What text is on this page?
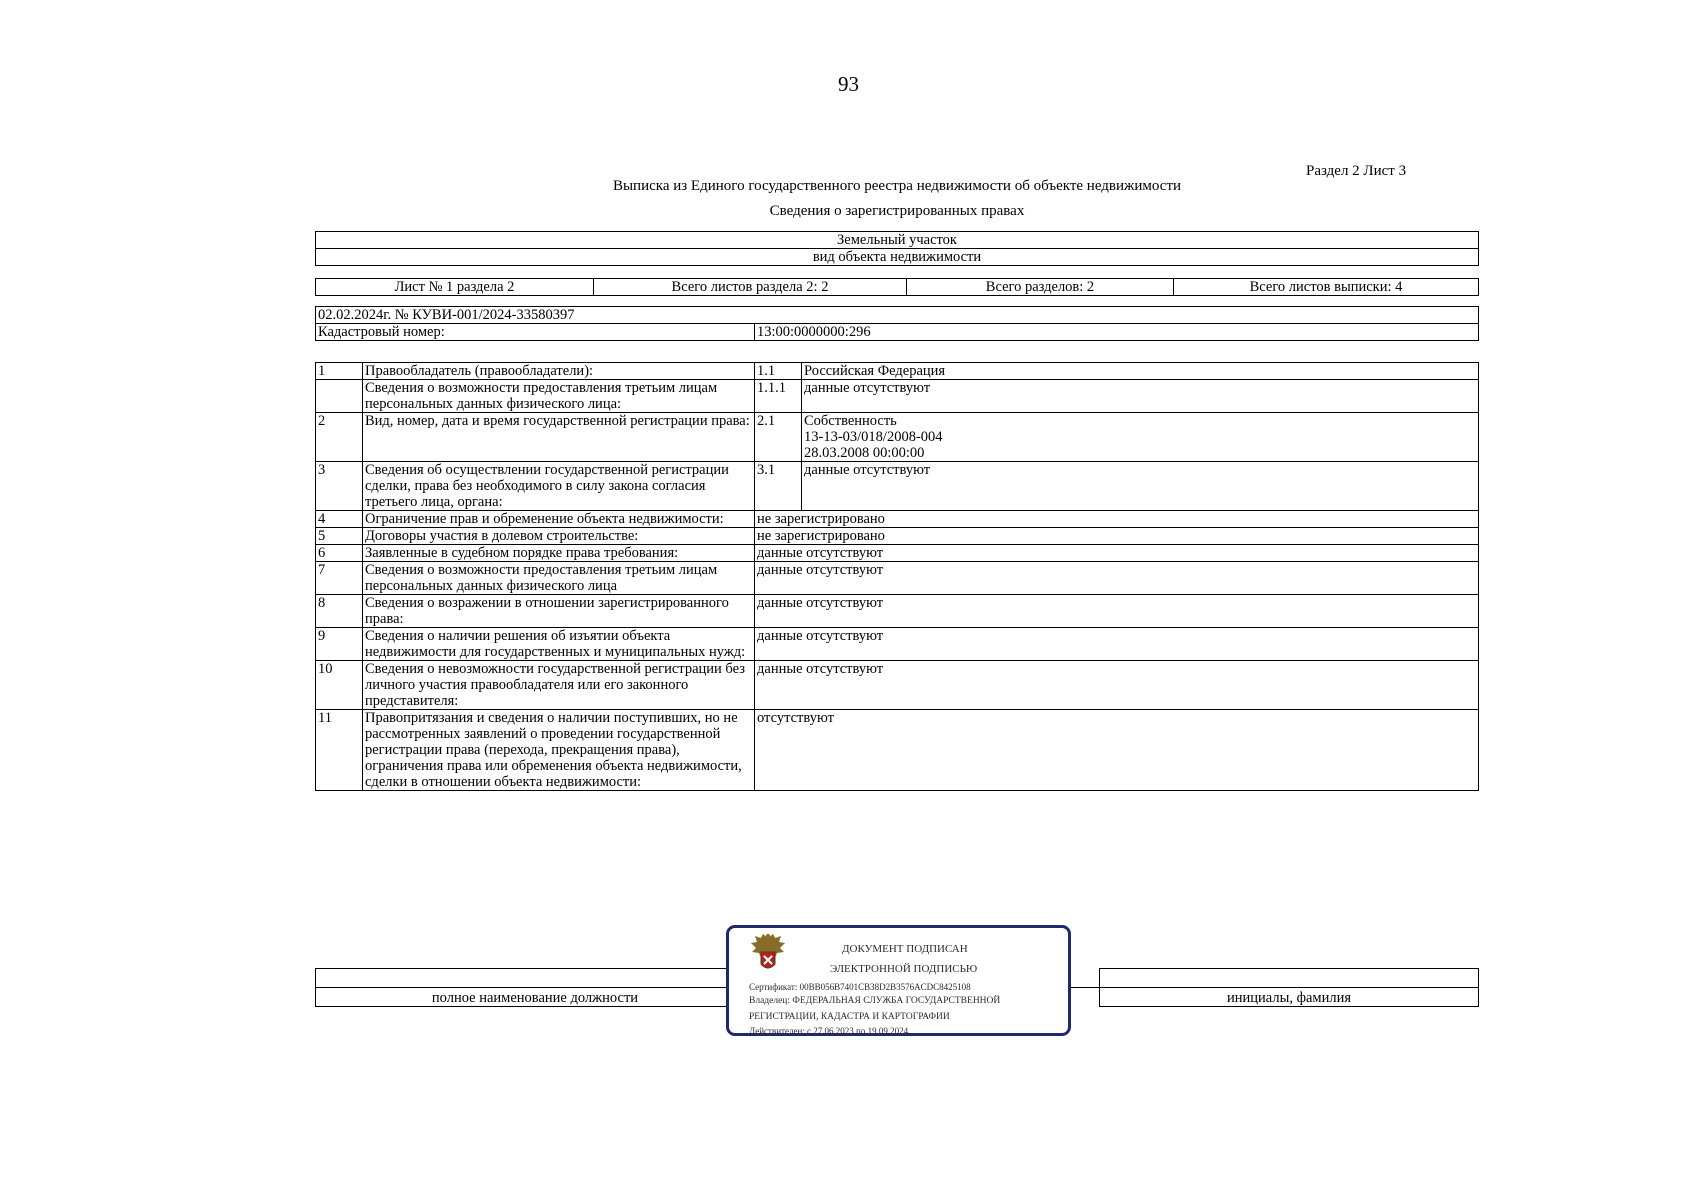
93
Раздел 2 Лист 3
Выписка из Единого государственного реестра недвижимости об объекте недвижимости
Сведения о зарегистрированных правах
Земельный участок
вид объекта недвижимости
Лист № 1 раздела 2	Всего листов раздела 2: 2	Всего разделов: 2	Всего листов выписки: 4
02.02.2024г. № КУВИ-001/2024-33580397
Кадастровый номер:	13:00:0000000:296
1	Правообладатель (правообладатели):	1.1	Российская Федерация
	Сведения о возможности предоставления третьим лицам персональных данных физического лица:	1.1.1	данные отсутствуют
2	Вид, номер, дата и время государственной регистрации права:	2.1	Собственность
13-13-03/018/2008-004
28.03.2008 00:00:00

3	Сведения об осуществлении государственной регистрации сделки, права без необходимого в силу закона согласия третьего лица, органа:	3.1	данные отсутствуют
4	Ограничение прав и обременение объекта недвижимости:	не зарегистрировано	
5	Договоры участия в долевом строительстве:	не зарегистрировано	
6	Заявленные в судебном порядке права требования:	данные отсутствуют	
7	Сведения о возможности предоставления третьим лицам персональных данных физического лица	данные отсутствуют	
8	Сведения о возражении в отношении зарегистрированного права:	данные отсутствуют	
9	Сведения о наличии решения об изъятии объекта недвижимости для государственных и муниципальных нужд:	данные отсутствуют	
10	Сведения о невозможности государственной регистрации без личного участия правообладателя или его законного представителя:	данные отсутствуют	
11	Правопритязания и сведения о наличии поступивших, но не рассмотренных заявлений о проведении государственной регистрации права (перехода, прекращения права), ограничения права или обременения объекта недвижимости, сделки в отношении объекта недвижимости:	отсутствуют	

полное наименование должности		инициалы, фамилия
ДОКУМЕНТ ПОДПИСАН
ЭЛЕКТРОННОЙ ПОДПИСЬЮ
Сертификат: 00BB056B7401CB38D2B3576ACDC8425108
Владелец: ФЕДЕРАЛЬНАЯ СЛУЖБА ГОСУДАРСТВЕННОЙ
РЕГИСТРАЦИИ, КАДАСТРА И КАРТОГРАФИИ
Действителен: с 27.06.2023 по 19.09.2024
